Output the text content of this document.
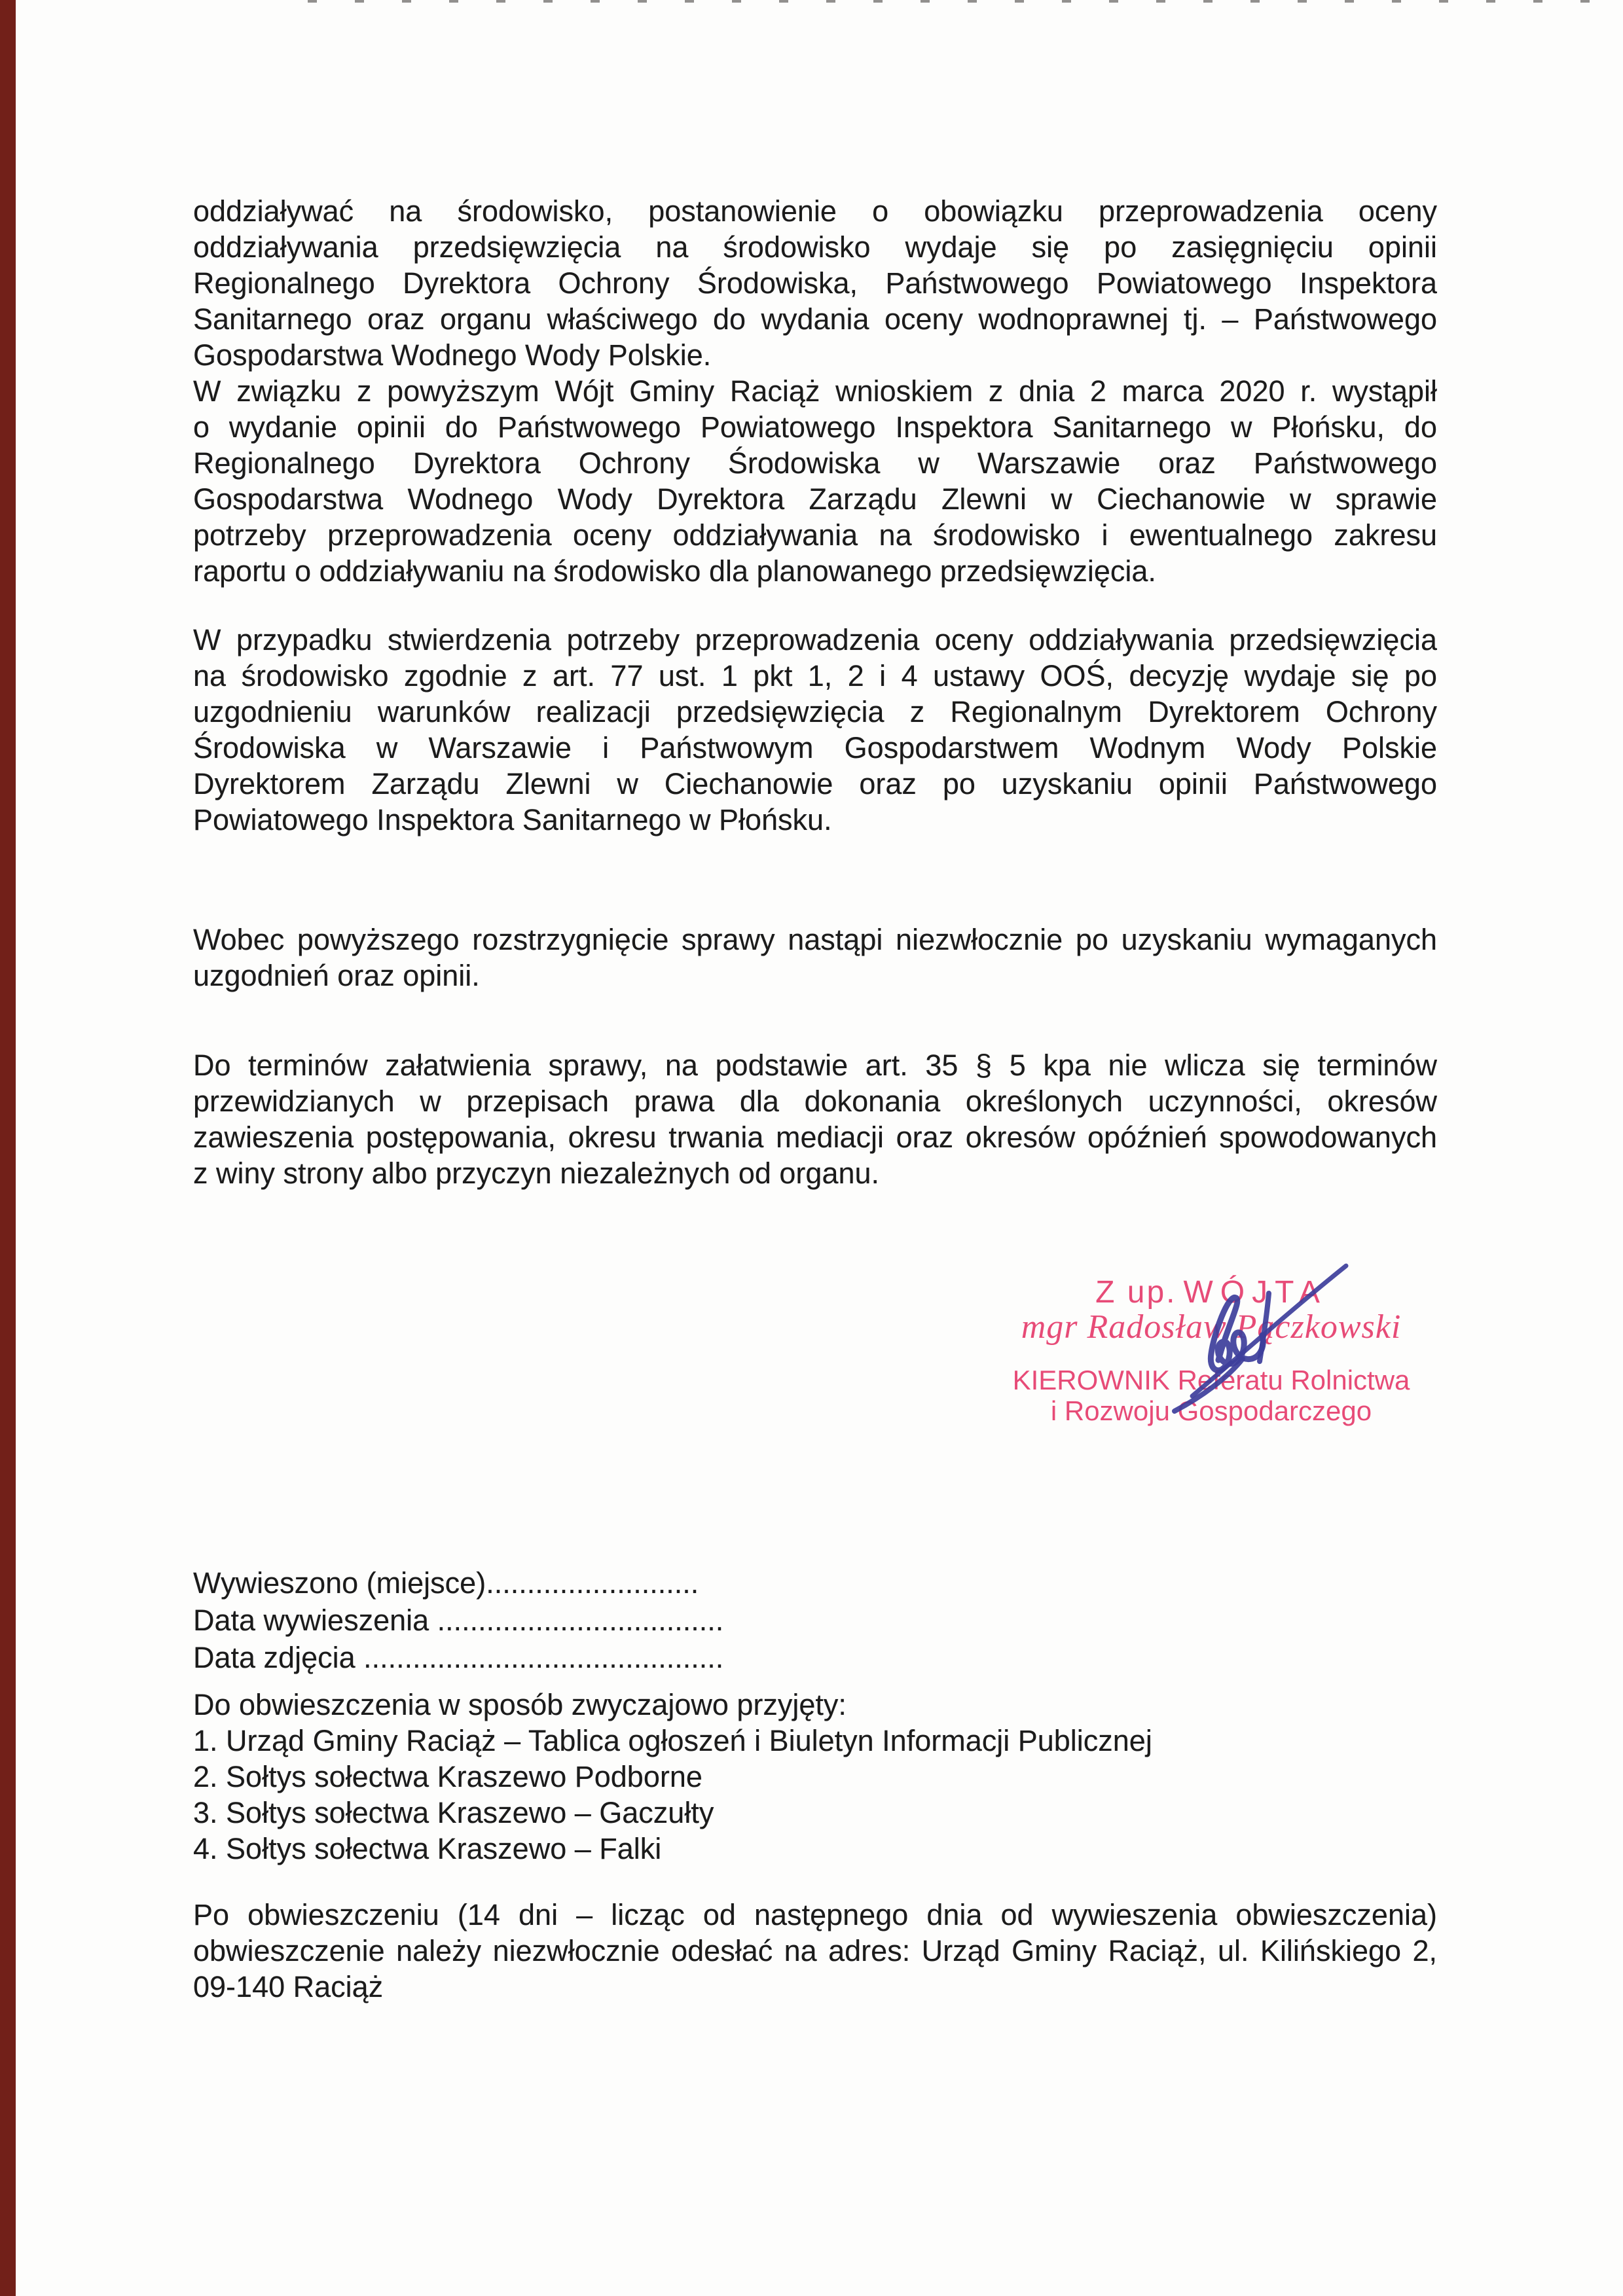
oddziaływać na środowisko, postanowienie o obowiązku przeprowadzenia oceny
oddziaływania przedsięwzięcia na środowisko wydaje się po zasięgnięciu opinii
Regionalnego Dyrektora Ochrony Środowiska, Państwowego Powiatowego Inspektora
Sanitarnego oraz organu właściwego do wydania oceny wodnoprawnej tj. – Państwowego
Gospodarstwa Wodnego Wody Polskie.
W związku z powyższym Wójt Gminy Raciąż wnioskiem z dnia 2 marca 2020 r. wystąpił
o wydanie opinii do Państwowego Powiatowego Inspektora Sanitarnego w Płońsku, do
Regionalnego Dyrektora Ochrony Środowiska w Warszawie oraz Państwowego
Gospodarstwa Wodnego Wody Dyrektora Zarządu Zlewni w Ciechanowie w sprawie
potrzeby przeprowadzenia oceny oddziaływania na środowisko i ewentualnego zakresu
raportu o oddziaływaniu na środowisko dla planowanego przedsięwzięcia.
W przypadku stwierdzenia potrzeby przeprowadzenia oceny oddziaływania przedsięwzięcia
na środowisko zgodnie z art. 77 ust. 1 pkt 1, 2 i 4 ustawy OOŚ, decyzję wydaje się po
uzgodnieniu warunków realizacji przedsięwzięcia z Regionalnym Dyrektorem Ochrony
Środowiska w Warszawie i Państwowym Gospodarstwem Wodnym Wody Polskie
Dyrektorem Zarządu Zlewni w Ciechanowie oraz po uzyskaniu opinii Państwowego
Powiatowego Inspektora Sanitarnego w Płońsku.
Wobec powyższego rozstrzygnięcie sprawy nastąpi niezwłocznie po uzyskaniu wymaganych
uzgodnień oraz opinii.
Do terminów załatwienia sprawy, na podstawie art. 35 § 5 kpa nie wlicza się terminów
przewidzianych w przepisach prawa dla dokonania określonych uczynności, okresów
zawieszenia postępowania, okresu trwania mediacji oraz okresów opóźnień spowodowanych
z winy strony albo przyczyn niezależnych od organu.
Z up. WÓJTA
mgr Radosław Pączkowski
KIEROWNIK Referatu Rolnictwa
i Rozwoju Gospodarczego
Wywieszono (miejsce)..........................
Data wywieszenia ...................................
Data zdjęcia ............................................
Do obwieszczenia w sposób zwyczajowo przyjęty:
1. Urząd Gminy Raciąż – Tablica ogłoszeń i Biuletyn Informacji Publicznej
2. Sołtys sołectwa Kraszewo Podborne
3. Sołtys sołectwa Kraszewo – Gaczułty
4. Sołtys sołectwa Kraszewo – Falki
Po obwieszczeniu (14 dni – licząc od następnego dnia od wywieszenia obwieszczenia)
obwieszczenie należy niezwłocznie odesłać na adres: Urząd Gminy Raciąż, ul. Kilińskiego 2,
09-140 Raciąż
